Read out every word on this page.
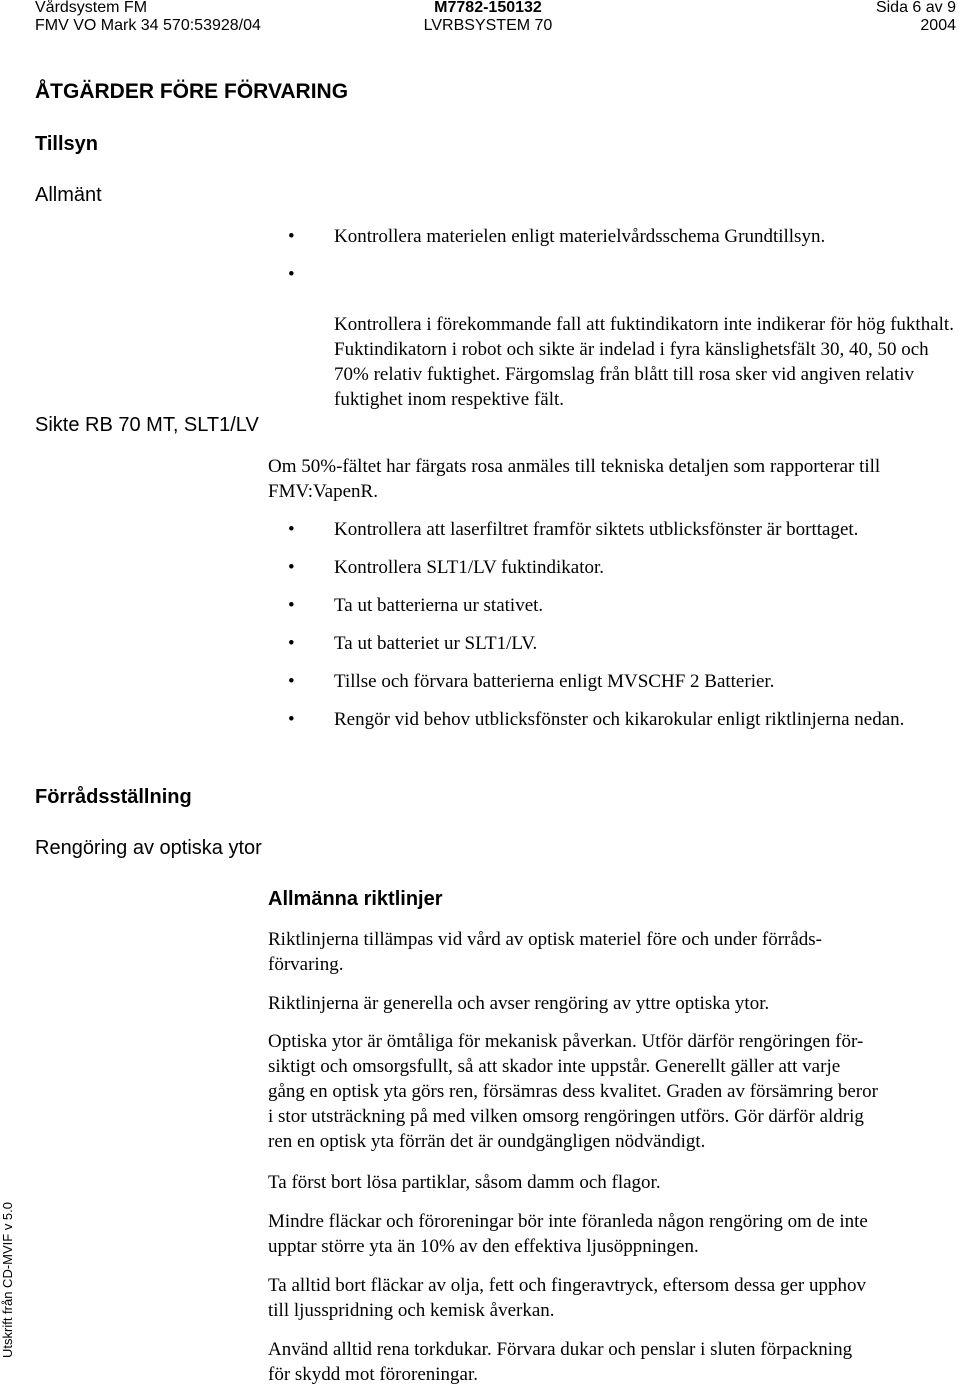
Vårdsystem FM
FMV VO Mark 34 570:53928/04
M7782-150132
LVRBSYSTEM 70
Sida 6 av 9
2004
ÅTGÄRDER FÖRE FÖRVARING
Tillsyn
Allmänt
Sikte RB 70 MT, SLT1/LV
Förrådsställning
Rengöring av optiska ytor
• Kontrollera materielen enligt materielvårdsschema Grundtillsyn.

•

Kontrollera i förekommande fall att fuktindikatorn inte indikerar för hög fukthalt.
Fuktindikatorn i robot och sikte är indelad i fyra känslighetsfält 30, 40, 50 och 70% relativ fuktighet. Färgomslag från blått till rosa sker vid angiven relativ fuktighet inom respektive fält.

Om 50%-fältet har färgats rosa anmäles till tekniska detaljen som rapporterar till FMV:VapenR.

• Kontrollera att laserfiltret framför siktets utblicksfönster är borttaget.
• Kontrollera SLT1/LV fuktindikator.
• Ta ut batterierna ur stativet.
• Ta ut batteriet ur SLT1/LV.
• Tillse och förvara batterierna enligt MVSCHF 2 Batterier.
• Rengör vid behov utblicksfönster och kikarokular enligt riktlinjerna nedan.
Allmänna riktlinjer

Riktlinjerna tillämpas vid vård av optisk materiel före och under förråds-
förvaring.

Riktlinjerna är generella och avser rengöring av yttre optiska ytor.

Optiska ytor är ömtåliga för mekanisk påverkan. Utför därför rengöringen för-
siktigt och omsorgsfullt, så att skador inte uppstår. Generellt gäller att varje
gång en optisk yta görs ren, försämras dess kvalitet. Graden av försämring beror
i stor utsträckning på med vilken omsorg rengöringen utförs. Gör därför aldrig
ren en optisk yta förrän det är oundgängligen nödvändigt.

Ta först bort lösa partiklar, såsom damm och flagor.

Mindre fläckar och föroreningar bör inte föranleda någon rengöring om de inte
upptar större yta än 10% av den effektiva ljusöppningen.

Ta alltid bort fläckar av olja, fett och fingeravtryck, eftersom dessa ger upphov
till ljusspridning och kemisk åverkan.

Använd alltid rena torkdukar. Förvara dukar och penslar i sluten förpackning
för skydd mot föroreningar.

Utskrift från CD-MVIF v 5.0
